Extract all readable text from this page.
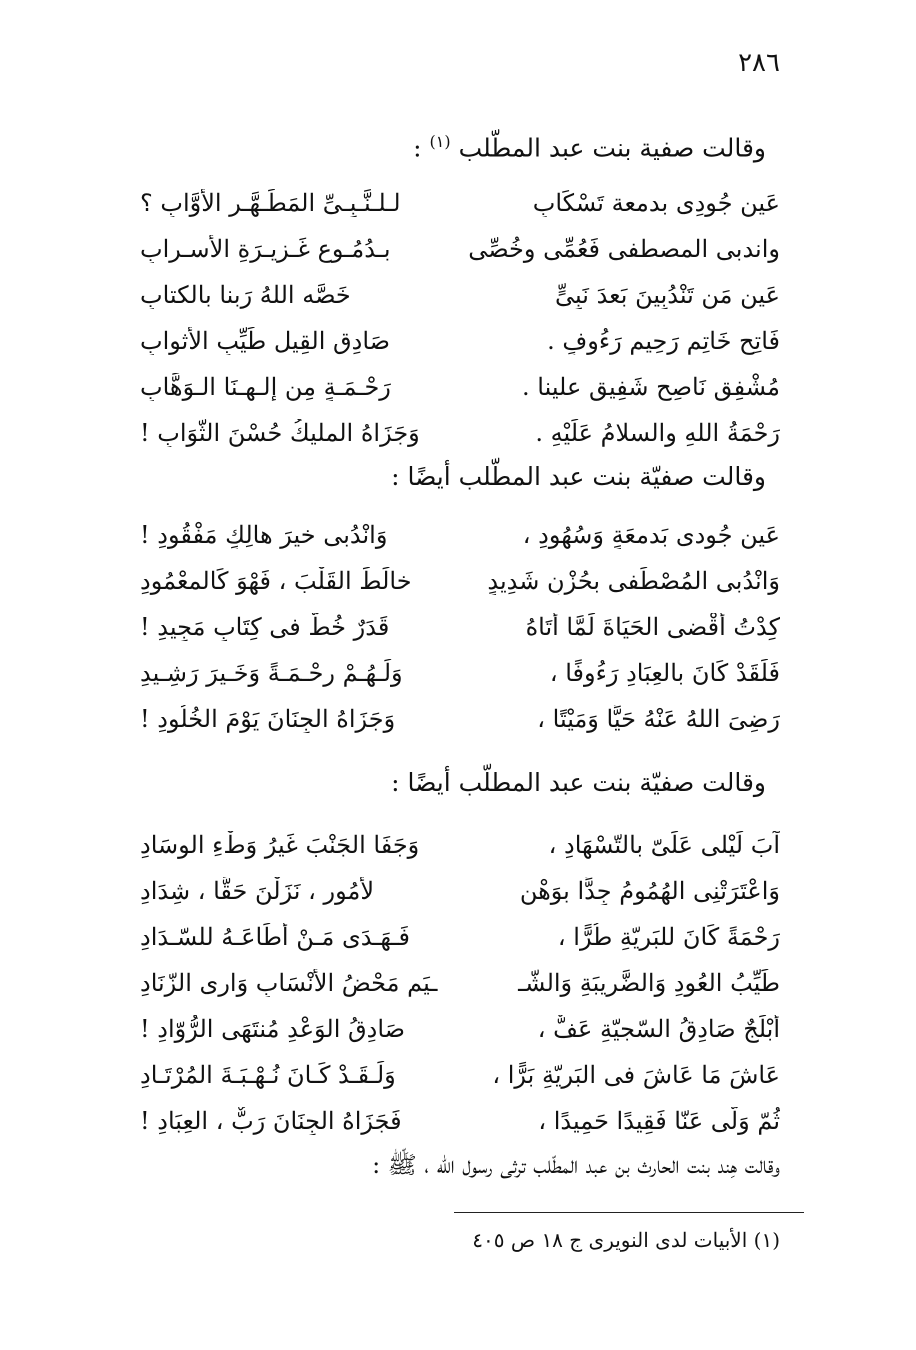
٢٨٦
وقالت صفية بنت عبد المطّلب $^{(١)}$ :
عَينِ جُودِى بدمعة تَسْكَابِ
لـلـنَّـبِـىِّ المَطَـهَّـر الأوَّابِ ؟
واندبى المصطفى فَعُمِّى وخُصِّى
بـدُمُـوعٍ غَـزيـرَةِ الأسـرابِ
عَينِ مَن تَنْدُبِينَ بَعدَ نَبِىٍّ
خَصَّه اللهُ رَبنا بالكتابِ
فَاتِحٍ خَاتِمٍ رَحِيمٍ رَءُوفٍ .
صَادِقِ القِيلِ طَيِّبِ الأثوابِ
مُشْفِقٍ نَاصِحٍ شَفِيقٍ علينا .
رَحْـمَـةٍ مِن إلـهِـنَا الـوَهَّابِ
رَحْمَةُ اللهِ والسلامُ عَلَيْهِ .
وَجَزَاهُ المليكُ حُسْنَ الثَّوَابِ !
وقالت صفيّة بنت عبد المطّلب أيضًا :
عَينِ جُودى بَدمعَةٍ وَسُهُودِ ،
وَانْدُبى خيرَ هالِكٍ مَفْقُودِ !
وَانْدُبى المُصْطَفى بحُزْنٍ شَدِيدٍ
خالَطَ القَلْبَ ، فَهْوَ كَالمعْمُودِ
كِدْتُ أَقْضى الحَيَاةَ لَمَّا أَتَاهُ
قَدَرٌ خُطَّ فى كِتَابٍ مَجِيدِ !
فَلَقَدْ كَانَ بالعِبَادِ رَءُوفًا ،
وَلَـهُـمْ رحْـمَـةً وَخَـيرَ رَشِـيدِ
رَضِىَ اللهُ عَنْهُ حَيًّا وَمَيْتًا ،
وَجَزَاهُ الجِنَانَ يَوْمَ الخُلُودِ !
وقالت صفيّة بنت عبد المطلّب أيضًا :
آبَ لَيْلى عَلَىّ بالتّسْهَادِ ،
وَجَفَا الجَنْبَ غَيرُ وَطْءِ الوِسَادِ
وَاعْتَرَتْنِى الهُمُومُ جِدًّا بوَهْنٍ
لأمُورٍ ، نَزَلْنَ حَقًّا ، شِدَادِ
رَحْمَةً كَانَ للبَرِيّةِ طُرًّا ،
فَـهَـدَى مَـنْ أَطَاعَـهُ للسّـدَادِ
طَيِّبُ العُودِ وَالضَّرِيبَةِ وَالشّـ
ـيَمِ مَحْضُ الأنْسَابِ وَارِى الزّنَادِ
أَبْلَجٌ صَادِقُ السّجيّةِ عَفٌّ ،
صَادِقُ الوَعْدِ مُنتَهَى الرُّوّادِ !
عَاشَ مَا عَاشَ فى البَرِيّةِ بَرًّا ،
وَلَـقَـدْ كَـانَ نُـهْـبَـةَ المُرْتَـادِ
ثُمّ وَلّى عَنّا فَقِيدًا حَمِيدًا ،
فَجَزَاهُ الجِنَانَ رَبٌّ ، العِبَادِ !
وقالت هِند بنت الحارث بن عبد المطّلب ترثى رسول الله ، ﷺ :
(١) الأبيات لدى النويرى ج ١٨ ص ٤٠٥
